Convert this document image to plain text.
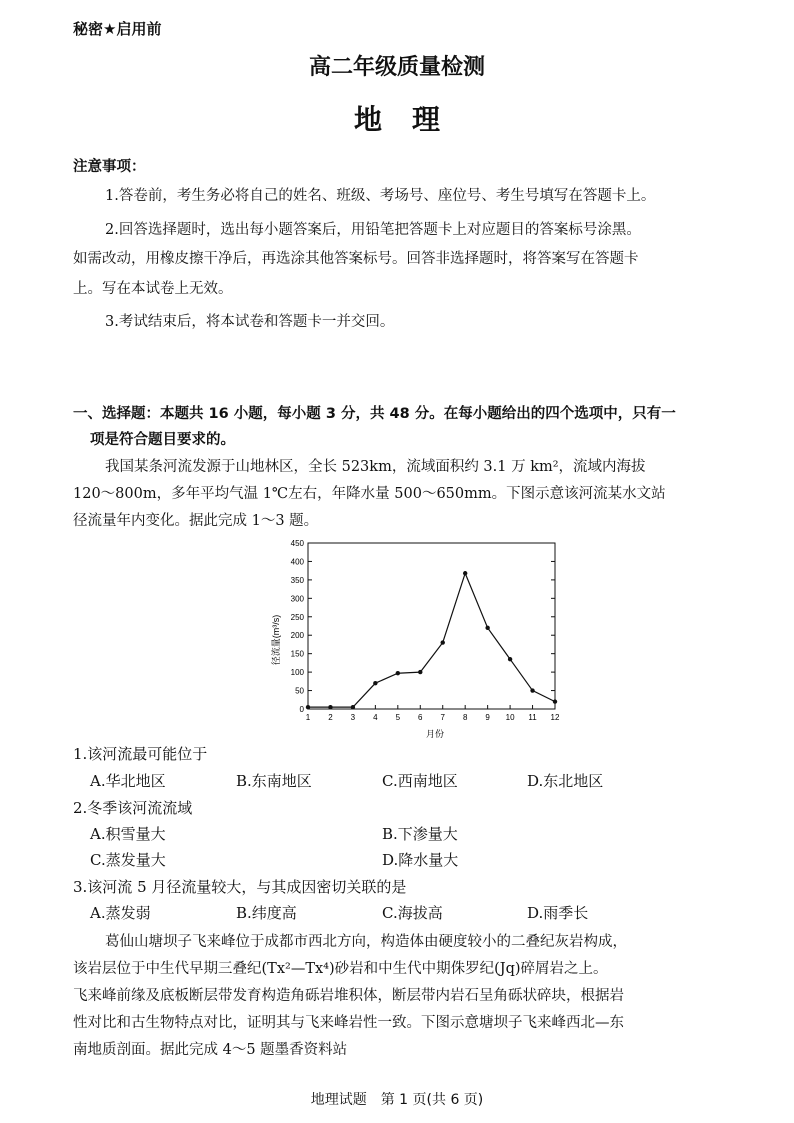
秘密★启用前
高二年级质量检测
地理
注意事项：
1.答卷前，考生务必将自己的姓名、班级、考场号、座位号、考生号填写在答题卡上。
2.回答选择题时，选出每小题答案后，用铅笔把答题卡上对应题目的答案标号涂黑。
如需改动，用橡皮擦干净后，再选涂其他答案标号。回答非选择题时，将答案写在答题卡
上。写在本试卷上无效。
3.考试结束后，将本试卷和答题卡一并交回。
一、选择题：本题共 16 小题，每小题 3 分，共 48 分。在每小题给出的四个选项中，只有一
项是符合题目要求的。
我国某条河流发源于山地林区，全长 523km，流域面积约 3.1 万 km²，流域内海拔
120～800m，多年平均气温 1℃左右，年降水量 500～650mm。下图示意该河流某水文站
径流量年内变化。据此完成 1～3 题。
0
50
100
150
200
250
300
350
400
450
1 2 3 4 5 6 7 8 9 10 11 12
径流量(m³/s)
月份
1.该河流最可能位于
A.华北地区	B.东南地区	C.西南地区	D.东北地区
2.冬季该河流流域
A.积雪量大	B.下渗量大
C.蒸发量大	D.降水量大
3.该河流 5 月径流量较大，与其成因密切关联的是
A.蒸发弱	B.纬度高	C.海拔高	D.雨季长
葛仙山塘坝子飞来峰位于成都市西北方向，构造体由硬度较小的二叠纪灰岩构成，
该岩层位于中生代早期三叠纪(Tx²—Tx⁴)砂岩和中生代中期侏罗纪(Jq)碎屑岩之上。
飞来峰前缘及底板断层带发育构造角砾岩堆积体，断层带内岩石呈角砾状碎块，根据岩
性对比和古生物特点对比，证明其与飞来峰岩性一致。下图示意塘坝子飞来峰西北—东
南地质剖面。据此完成 4～5 题墨香资料站
地理试题　第 1 页(共 6 页)
